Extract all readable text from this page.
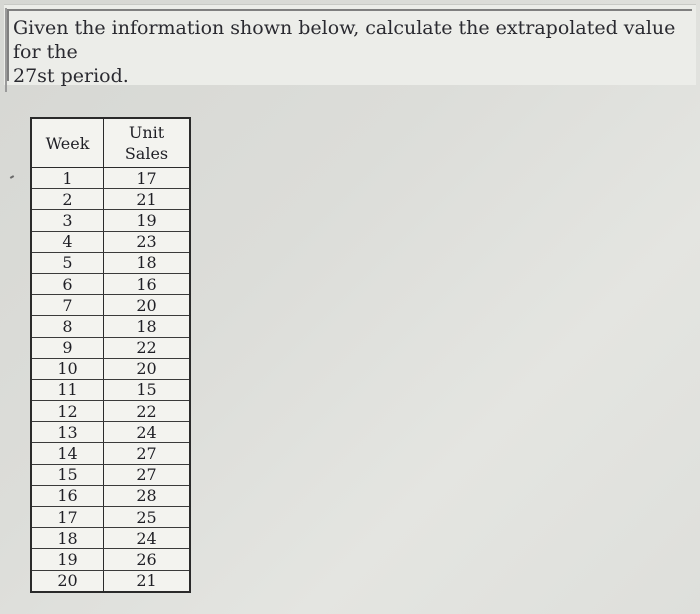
Given the information shown below, calculate the extrapolated value for the
27st period.

Week	Unit
Sales
1	17
2	21
3	19
4	23
5	18
6	16
7	20
8	18
9	22
10	20
11	15
12	22
13	24
14	27
15	27
16	28
17	25
18	24
19	26
20	21
